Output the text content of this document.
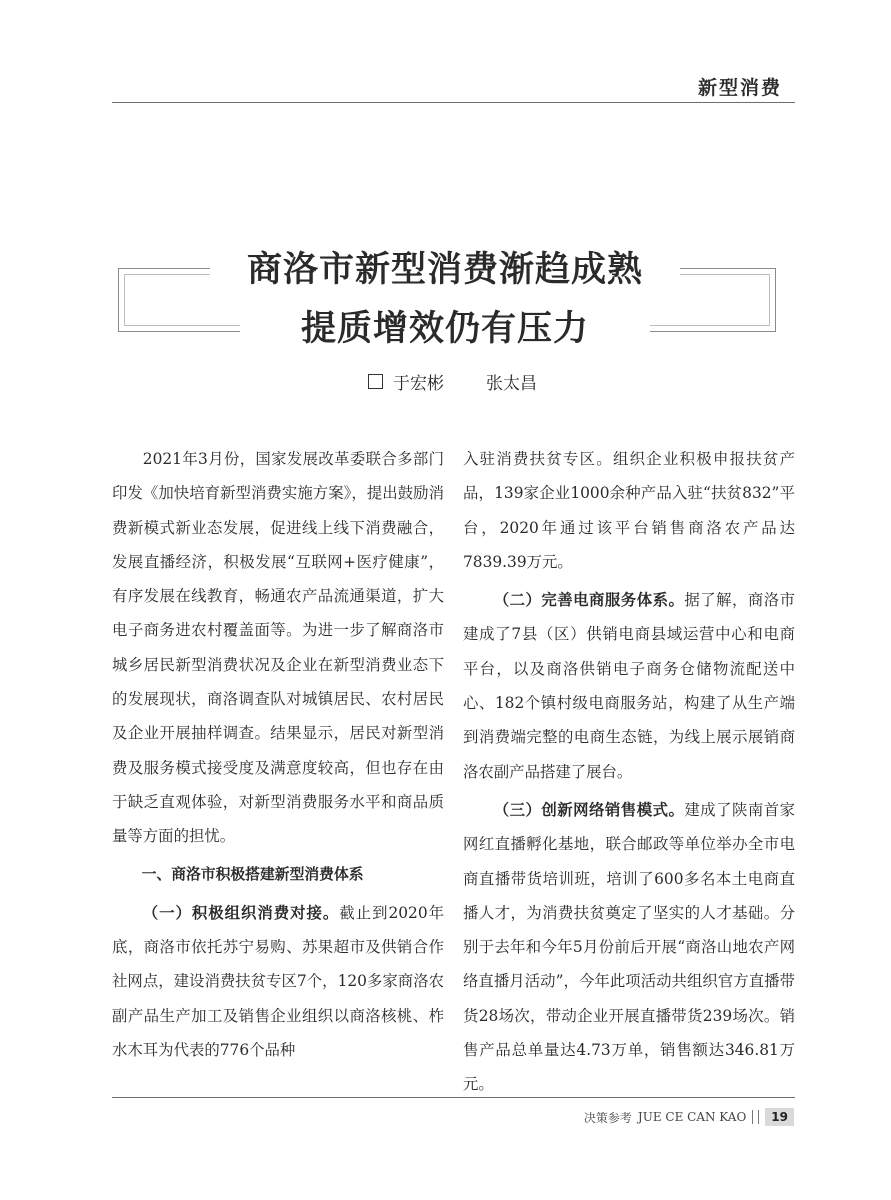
新型消费
商洛市新型消费渐趋成熟
提质增效仍有压力
于宏彬 张太昌

2021年3月份，国家发展改革委联合多部门印发《加快培育新型消费实施方案》，提出鼓励消费新模式新业态发展，促进线上线下消费融合，发展直播经济，积极发展“互联网+医疗健康”，有序发展在线教育，畅通农产品流通渠道，扩大电子商务进农村覆盖面等。为进一步了解商洛市城乡居民新型消费状况及企业在新型消费业态下的发展现状，商洛调查队对城镇居民、农村居民及企业开展抽样调查。结果显示，居民对新型消费及服务模式接受度及满意度较高，但也存在由于缺乏直观体验，对新型消费服务水平和商品质量等方面的担忧。

一、商洛市积极搭建新型消费体系

（一）积极组织消费对接。截止到2020年底，商洛市依托苏宁易购、苏果超市及供销合作社网点，建设消费扶贫专区7个，120多家商洛农副产品生产加工及销售企业组织以商洛核桃、柞水木耳为代表的776个品种

入驻消费扶贫专区。组织企业积极申报扶贫产品，139家企业1000余种产品入驻“扶贫832”平台，2020年通过该平台销售商洛农产品达7839.39万元。

（二）完善电商服务体系。据了解，商洛市建成了7县（区）供销电商县域运营中心和电商平台，以及商洛供销电子商务仓储物流配送中心、182个镇村级电商服务站，构建了从生产端到消费端完整的电商生态链，为线上展示展销商洛农副产品搭建了展台。

（三）创新网络销售模式。建成了陕南首家网红直播孵化基地，联合邮政等单位举办全市电商直播带货培训班，培训了600多名本土电商直播人才，为消费扶贫奠定了坚实的人才基础。分别于去年和今年5月份前后开展“商洛山地农产网络直播月活动”，今年此项活动共组织官方直播带货28场次，带动企业开展直播带货239场次。销售产品总单量达4.73万单，销售额达346.81万元。

决策参考 JUE CE CAN KAO	19
